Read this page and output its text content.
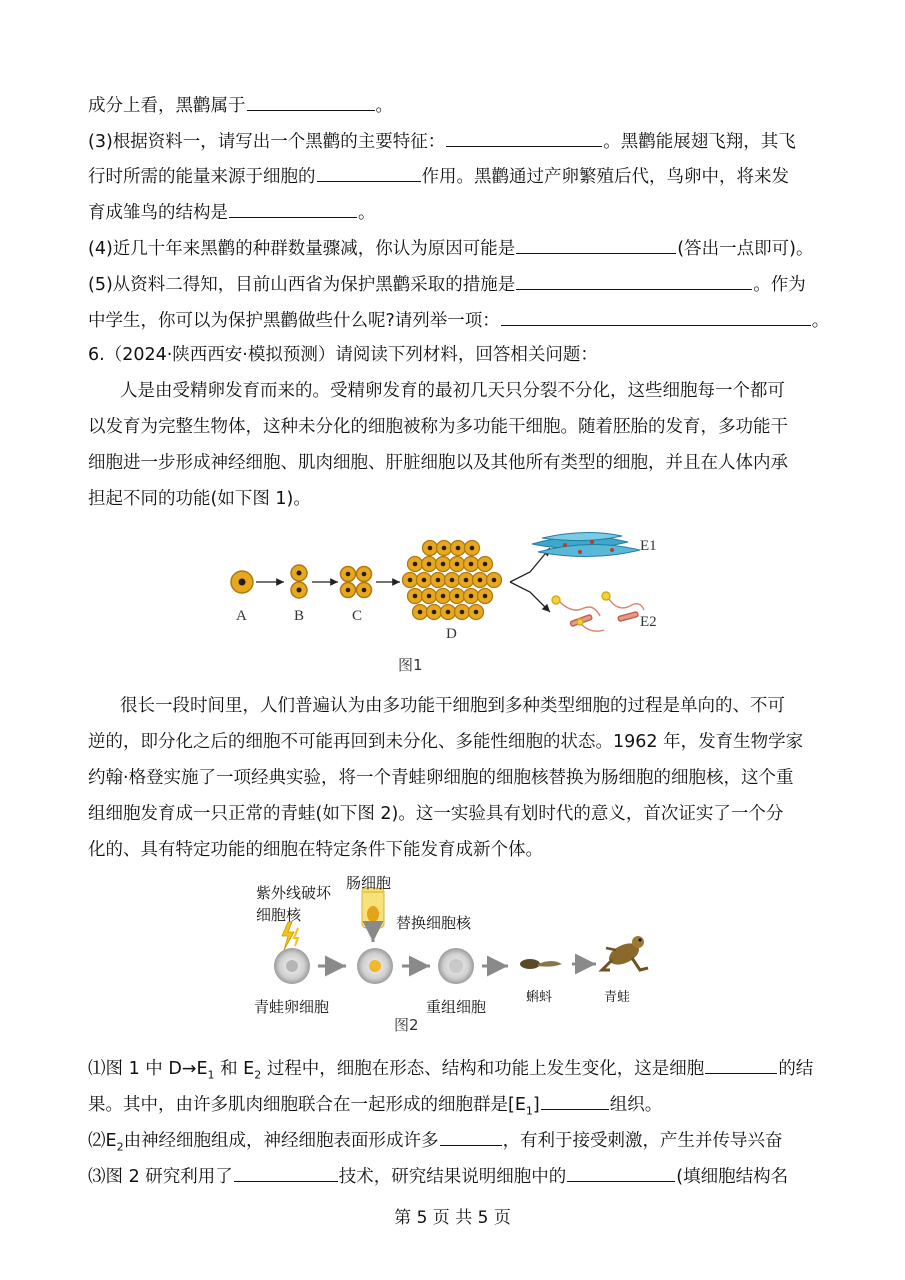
成分上看，黑鹳属于	。
(3)根据资料一，请写出一个黑鹳的主要特征：	。黑鹳能展翅飞翔，其飞
行时所需的能量来源于细胞的	作用。黑鹳通过产卵繁殖后代，鸟卵中，将来发
育成雏鸟的结构是	。
(4)近几十年来黑鹳的种群数量骤减，你认为原因可能是	(答出一点即可)。
(5)从资料二得知，目前山西省为保护黑鹳采取的措施是	。作为
中学生，你可以为保护黑鹳做些什么呢?请列举一项：	。
6.（2024·陕西西安·模拟预测）请阅读下列材料，回答相关问题：
人是由受精卵发育而来的。受精卵发育的最初几天只分裂不分化，这些细胞每一个都可
以发育为完整生物体，这种未分化的细胞被称为多功能干细胞。随着胚胎的发育，多功能干
细胞进一步形成神经细胞、肌肉细胞、肝脏细胞以及其他所有类型的细胞，并且在人体内承
担起不同的功能(如下图 1)。
A	B	C
D
E1
E2
图1
很长一段时间里，人们普遍认为由多功能干细胞到多种类型细胞的过程是单向的、不可
逆的，即分化之后的细胞不可能再回到未分化、多能性细胞的状态。1962 年，发育生物学家
约翰·格登实施了一项经典实验，将一个青蛙卵细胞的细胞核替换为肠细胞的细胞核，这个重
组细胞发育成一只正常的青蛙(如下图 2)。这一实验具有划时代的意义，首次证实了一个分
化的、具有特定功能的细胞在特定条件下能发育成新个体。
紫外线破坏
细胞核
肠细胞
替换细胞核
青蛙卵细胞	重组细胞
蝌蚪	青蛙
图2
⑴图 1 中 $D\to E_1$ 和 $E_2$ 过程中，细胞在形态、结构和功能上发生变化，这是细胞	的结
果。其中，由许多肌肉细胞联合在一起形成的细胞群是$[E_1]$	组织。
$⑵E_2$由神经细胞组成，神经细胞表面形成许多	，有利于接受刺激，产生并传导兴奋
⑶图 2 研究利用了	技术，研究结果说明细胞中的	(填细胞结构名
第 5 页 共 5 页
